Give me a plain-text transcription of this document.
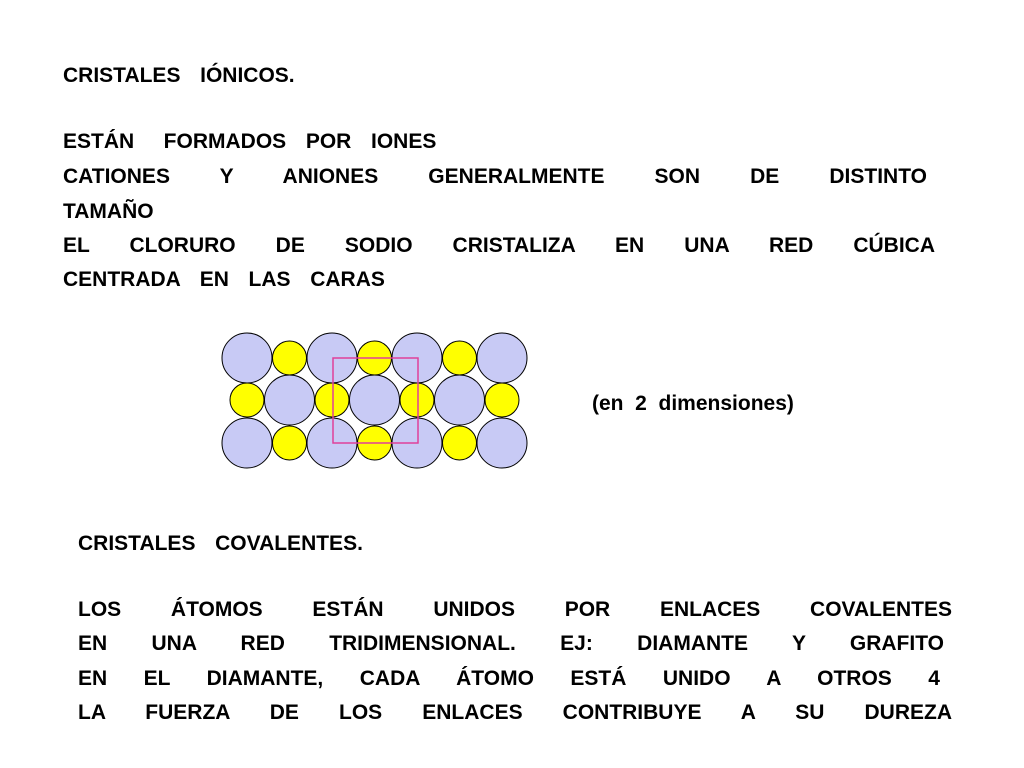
CRISTALES  IÓNICOS.
ESTÁN   FORMADOS  POR  IONES
CATIONES Y ANIONES GENERALMENTE SON DE DISTINTO
TAMAÑO
EL CLORURO DE SODIO CRISTALIZA EN UNA RED CÚBICA
CENTRADA  EN  LAS  CARAS
(en  2  dimensiones)
CRISTALES  COVALENTES.
LOS ÁTOMOS ESTÁN UNIDOS POR ENLACES COVALENTES
EN UNA RED TRIDIMENSIONAL. EJ: DIAMANTE Y GRAFITO
EN EL DIAMANTE, CADA ÁTOMO ESTÁ UNIDO A OTROS 4
LA FUERZA DE LOS ENLACES CONTRIBUYE A SU DUREZA
